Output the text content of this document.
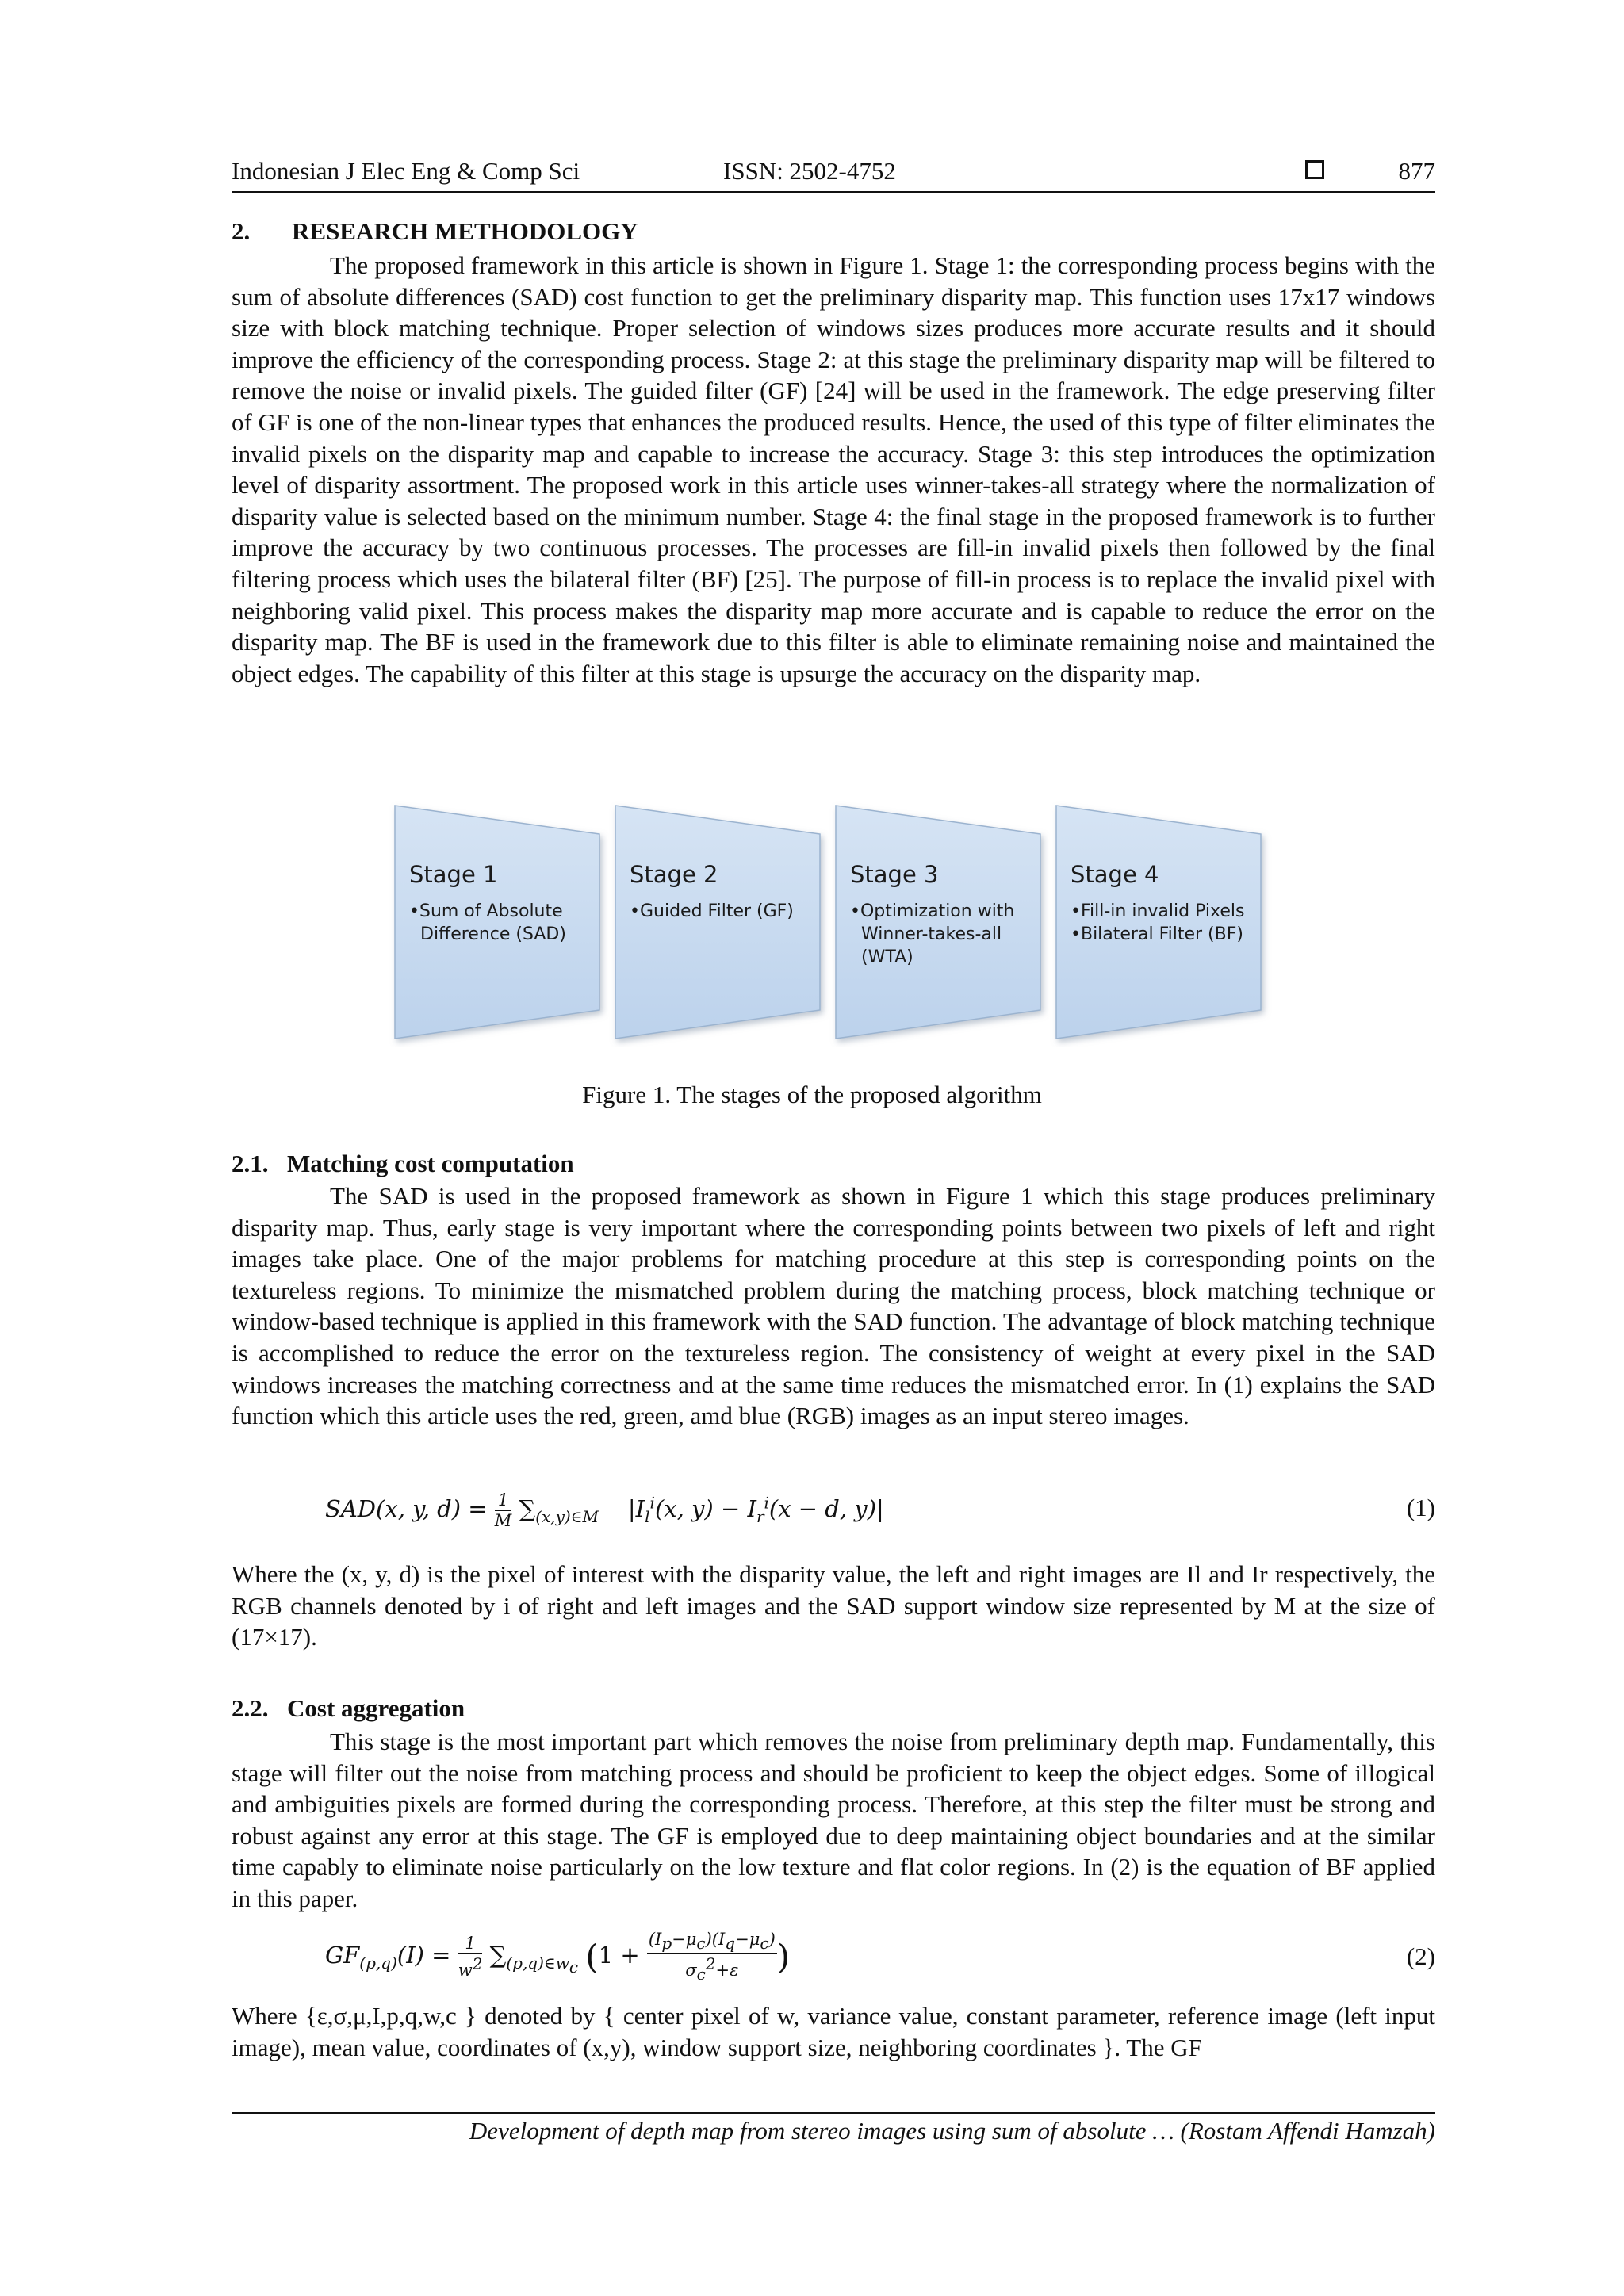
Indonesian J Elec Eng & Comp Sci	ISSN: 2502-4752	877
2. RESEARCH METHODOLOGY

The proposed framework in this article is shown in Figure 1. Stage 1: the corresponding process begins with the sum of absolute differences (SAD) cost function to get the preliminary disparity map. This function uses 17x17 windows size with block matching technique. Proper selection of windows sizes produces more accurate results and it should improve the efficiency of the corresponding process. Stage 2: at this stage the preliminary disparity map will be filtered to remove the noise or invalid pixels. The guided filter (GF) [24] will be used in the framework. The edge preserving filter of GF is one of the non-linear types that enhances the produced results. Hence, the used of this type of filter eliminates the invalid pixels on the disparity map and capable to increase the accuracy. Stage 3: this step introduces the optimization level of disparity assortment. The proposed work in this article uses winner-takes-all strategy where the normalization of disparity value is selected based on the minimum number. Stage 4: the final stage in the proposed framework is to further improve the accuracy by two continuous processes. The processes are fill-in invalid pixels then followed by the final filtering process which uses the bilateral filter (BF) [25]. The purpose of fill-in process is to replace the invalid pixel with neighboring valid pixel. This process makes the disparity map more accurate and is capable to reduce the error on the disparity map. The BF is used in the framework due to this filter is able to eliminate remaining noise and maintained the object edges. The capability of this filter at this stage is upsurge the accuracy on the disparity map.

Stage 1
•Sum of Absolute
Difference (SAD)
Stage 2
•Guided Filter (GF)
Stage 3
•Optimization with
Winner-takes-all
(WTA)
Stage 4
•Fill-in invalid Pixels
•Bilateral Filter (BF)
Figure 1. The stages of the proposed algorithm
2.1. Matching cost computation

The SAD is used in the proposed framework as shown in Figure 1 which this stage produces preliminary disparity map. Thus, early stage is very important where the corresponding points between two pixels of left and right images take place. One of the major problems for matching procedure at this step is corresponding points on the textureless regions. To minimize the mismatched problem during the matching process, block matching technique or window-based technique is applied in this framework with the SAD function. The advantage of block matching technique is accomplished to reduce the error on the textureless region. The consistency of weight at every pixel in the SAD windows increases the matching correctness and at the same time reduces the mismatched error. In (1) explains the SAD function which this article uses the red, green, amd blue (RGB) images as an input stereo images.

SAD(x, y, $d) = \frac{1}{M} \sum_{(x,y)\in M}$    $|I_l^i(x$, $y) - I_r^i(x - d$, y)|	(1)
Where the (x, y, d) is the pixel of interest with the disparity value, the left and right images are Il and Ir respectively, the RGB channels denoted by i of right and left images and the SAD support window size represented by M at the size of (17×17).
2.2. Cost aggregation

This stage is the most important part which removes the noise from preliminary depth map. Fundamentally, this stage will filter out the noise from matching process and should be proficient to keep the object edges. Some of illogical and ambiguities pixels are formed during the corresponding process. Therefore, at this step the filter must be strong and robust against any error at this stage. The GF is employed due to deep maintaining object boundaries and at the similar time capably to eliminate noise particularly on the low texture and flat color regions. In (2) is the equation of BF applied in this paper.

$GF_{(p,q)}(I) = \frac{1}{w^2} \sum_{(p,q)\in w_c}$ ($1 + \frac{(I_p-\mu_c)(I_q-\mu_c)}{\sigma_c^2+\varepsilon}$ )	(2)
Where {ε,σ,μ,I,p,q,w,c } denoted by { center pixel of w, variance value, constant parameter, reference image (left input image), mean value, coordinates of (x,y), window support size, neighboring coordinates }. The GF
Development of depth map from stereo images using sum of absolute … (Rostam Affendi Hamzah)
